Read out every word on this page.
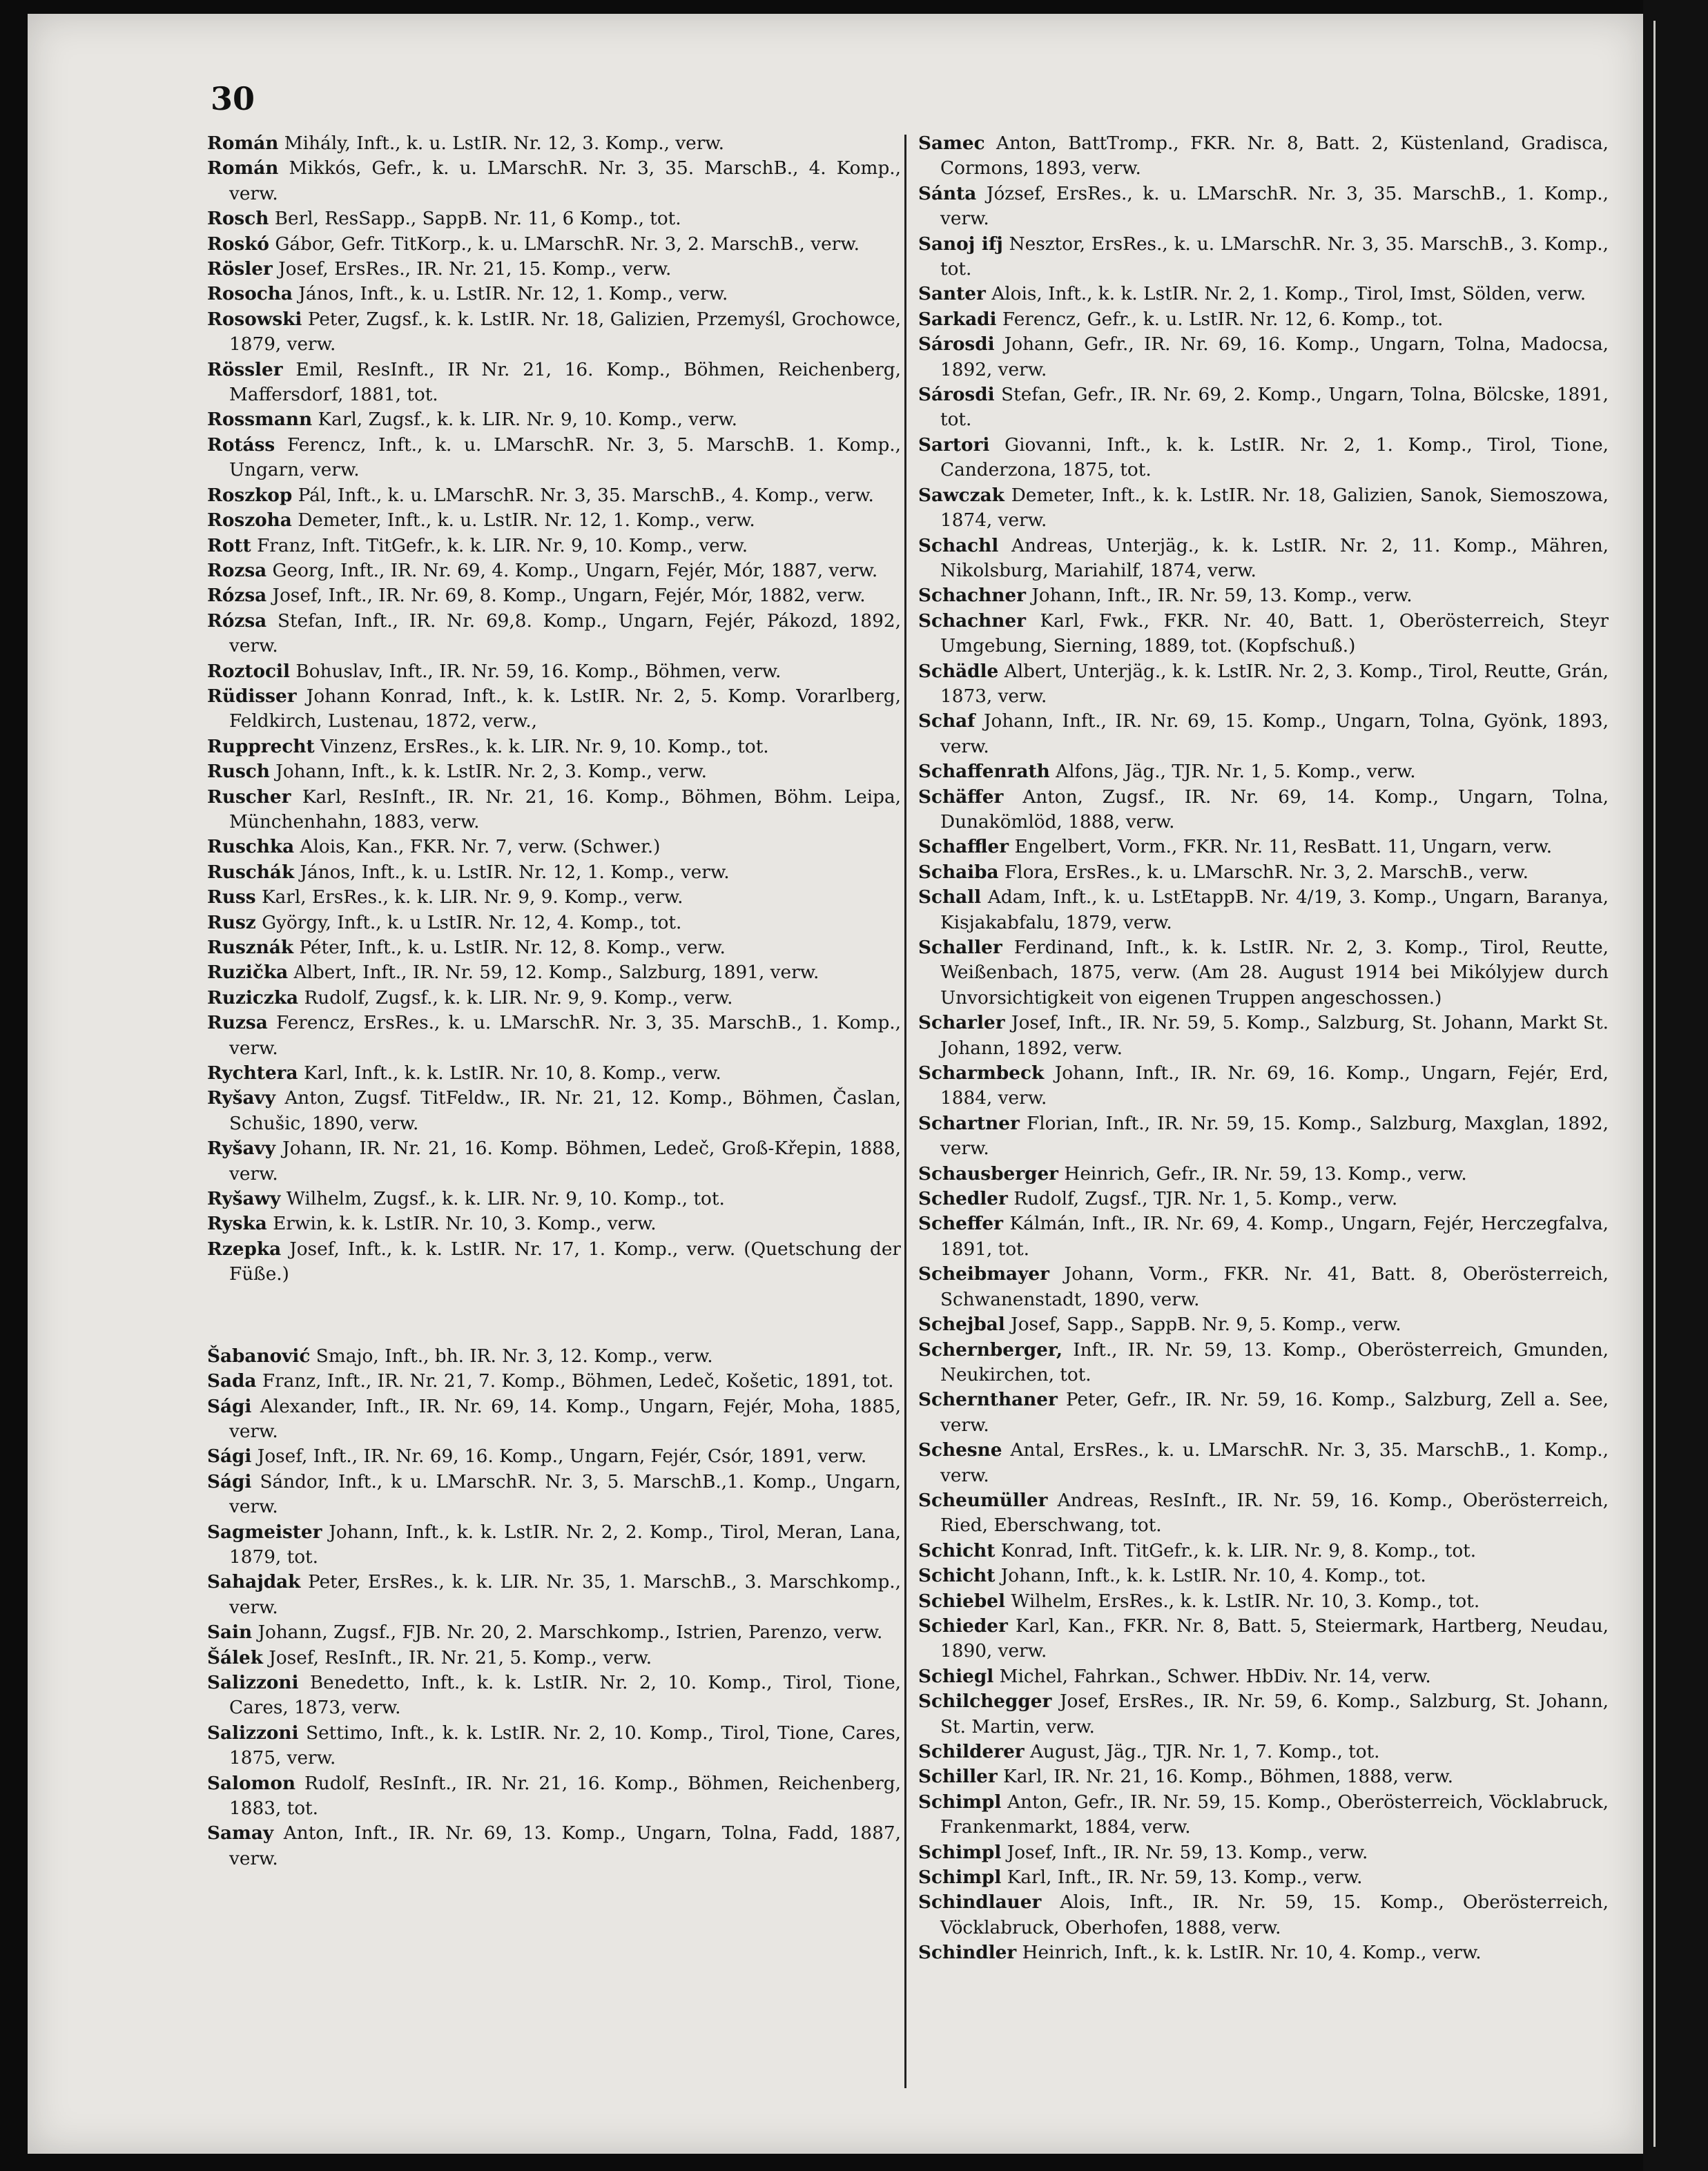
30

Román Mihály, Inft., k. u. LstIR. Nr. 12, 3. Komp., verw.

Román Mikkós, Gefr., k. u. LMarschR. Nr. 3, 35. MarschB., 4. Komp., verw.

Rosch Berl, ResSapp., SappB. Nr. 11, 6 Komp., tot.

Roskó Gábor, Gefr. TitKorp., k. u. LMarschR. Nr. 3, 2. MarschB., verw.

Rösler Josef, ErsRes., IR. Nr. 21, 15. Komp., verw.

Rosocha János, Inft., k. u. LstIR. Nr. 12, 1. Komp., verw.

Rosowski Peter, Zugsf., k. k. LstIR. Nr. 18, Galizien, Przemyśl, Grochowce, 1879, verw.

Rössler Emil, ResInft., IR Nr. 21, 16. Komp., Böhmen, Reichenberg, Maffersdorf, 1881, tot.

Rossmann Karl, Zugsf., k. k. LIR. Nr. 9, 10. Komp., verw.

Rotáss Ferencz, Inft., k. u. LMarschR. Nr. 3, 5. MarschB. 1. Komp., Ungarn, verw.

Roszkop Pál, Inft., k. u. LMarschR. Nr. 3, 35. MarschB., 4. Komp., verw.

Roszoha Demeter, Inft., k. u. LstIR. Nr. 12, 1. Komp., verw.

Rott Franz, Inft. TitGefr., k. k. LIR. Nr. 9, 10. Komp., verw.

Rozsa Georg, Inft., IR. Nr. 69, 4. Komp., Ungarn, Fejér, Mór, 1887, verw.

Rózsa Josef, Inft., IR. Nr. 69, 8. Komp., Ungarn, Fejér, Mór, 1882, verw.

Rózsa Stefan, Inft., IR. Nr. 69,8. Komp., Ungarn, Fejér, Pákozd, 1892, verw.

Roztocil Bohuslav, Inft., IR. Nr. 59, 16. Komp., Böhmen, verw.

Rüdisser Johann Konrad, Inft., k. k. LstIR. Nr. 2, 5. Komp. Vorarlberg, Feldkirch, Lustenau, 1872, verw.,

Rupprecht Vinzenz, ErsRes., k. k. LIR. Nr. 9, 10. Komp., tot.

Rusch Johann, Inft., k. k. LstIR. Nr. 2, 3. Komp., verw.

Ruscher Karl, ResInft., IR. Nr. 21, 16. Komp., Böhmen, Böhm. Leipa, Münchenhahn, 1883, verw.

Ruschka Alois, Kan., FKR. Nr. 7, verw. (Schwer.)

Ruschák János, Inft., k. u. LstIR. Nr. 12, 1. Komp., verw.

Russ Karl, ErsRes., k. k. LIR. Nr. 9, 9. Komp., verw.

Rusz György, Inft., k. u LstIR. Nr. 12, 4. Komp., tot.

Rusznák Péter, Inft., k. u. LstIR. Nr. 12, 8. Komp., verw.

Ruzička Albert, Inft., IR. Nr. 59, 12. Komp., Salzburg, 1891, verw.

Ruziczka Rudolf, Zugsf., k. k. LIR. Nr. 9, 9. Komp., verw.

Ruzsa Ferencz, ErsRes., k. u. LMarschR. Nr. 3, 35. MarschB., 1. Komp., verw.

Rychtera Karl, Inft., k. k. LstIR. Nr. 10, 8. Komp., verw.

Ryšavy Anton, Zugsf. TitFeldw., IR. Nr. 21, 12. Komp., Böhmen, Časlan, Schušic, 1890, verw.

Ryšavy Johann, IR. Nr. 21, 16. Komp. Böhmen, Ledeč, Groß-Křepin, 1888, verw.

Ryšawy Wilhelm, Zugsf., k. k. LIR. Nr. 9, 10. Komp., tot.

Ryska Erwin, k. k. LstIR. Nr. 10, 3. Komp., verw.

Rzepka Josef, Inft., k. k. LstIR. Nr. 17, 1. Komp., verw. (Quetschung der Füße.)

Šabanović Smajo, Inft., bh. IR. Nr. 3, 12. Komp., verw.

Sada Franz, Inft., IR. Nr. 21, 7. Komp., Böhmen, Ledeč, Košetic, 1891, tot.

Sági Alexander, Inft., IR. Nr. 69, 14. Komp., Ungarn, Fejér, Moha, 1885, verw.

Sági Josef, Inft., IR. Nr. 69, 16. Komp., Ungarn, Fejér, Csór, 1891, verw.

Sági Sándor, Inft., k u. LMarschR. Nr. 3, 5. MarschB.,1. Komp., Ungarn, verw.

Sagmeister Johann, Inft., k. k. LstIR. Nr. 2, 2. Komp., Tirol, Meran, Lana, 1879, tot.

Sahajdak Peter, ErsRes., k. k. LIR. Nr. 35, 1. MarschB., 3. Marschkomp., verw.

Sain Johann, Zugsf., FJB. Nr. 20, 2. Marschkomp., Istrien, Parenzo, verw.

Šálek Josef, ResInft., IR. Nr. 21, 5. Komp., verw.

Salizzoni Benedetto, Inft., k. k. LstIR. Nr. 2, 10. Komp., Tirol, Tione, Cares, 1873, verw.

Salizzoni Settimo, Inft., k. k. LstIR. Nr. 2, 10. Komp., Tirol, Tione, Cares, 1875, verw.

Salomon Rudolf, ResInft., IR. Nr. 21, 16. Komp., Böhmen, Reichenberg, 1883, tot.

Samay Anton, Inft., IR. Nr. 69, 13. Komp., Ungarn, Tolna, Fadd, 1887, verw.

Samec Anton, BattTromp., FKR. Nr. 8, Batt. 2, Küstenland, Gradisca, Cormons, 1893, verw.

Sánta József, ErsRes., k. u. LMarschR. Nr. 3, 35. MarschB., 1. Komp., verw.

Sanoj ifj Nesztor, ErsRes., k. u. LMarschR. Nr. 3, 35. MarschB., 3. Komp., tot.

Santer Alois, Inft., k. k. LstIR. Nr. 2, 1. Komp., Tirol, Imst, Sölden, verw.

Sarkadi Ferencz, Gefr., k. u. LstIR. Nr. 12, 6. Komp., tot.

Sárosdi Johann, Gefr., IR. Nr. 69, 16. Komp., Ungarn, Tolna, Madocsa, 1892, verw.

Sárosdi Stefan, Gefr., IR. Nr. 69, 2. Komp., Ungarn, Tolna, Bölcske, 1891, tot.

Sartori Giovanni, Inft., k. k. LstIR. Nr. 2, 1. Komp., Tirol, Tione, Canderzona, 1875, tot.

Sawczak Demeter, Inft., k. k. LstIR. Nr. 18, Galizien, Sanok, Siemoszowa, 1874, verw.

Schachl Andreas, Unterjäg., k. k. LstIR. Nr. 2, 11. Komp., Mähren, Nikolsburg, Mariahilf, 1874, verw.

Schachner Johann, Inft., IR. Nr. 59, 13. Komp., verw.

Schachner Karl, Fwk., FKR. Nr. 40, Batt. 1, Oberösterreich, Steyr Umgebung, Sierning, 1889, tot. (Kopfschuß.)

Schädle Albert, Unterjäg., k. k. LstIR. Nr. 2, 3. Komp., Tirol, Reutte, Grán, 1873, verw.

Schaf Johann, Inft., IR. Nr. 69, 15. Komp., Ungarn, Tolna, Gyönk, 1893, verw.

Schaffenrath Alfons, Jäg., TJR. Nr. 1, 5. Komp., verw.

Schäffer Anton, Zugsf., IR. Nr. 69, 14. Komp., Ungarn, Tolna, Dunakömlöd, 1888, verw.

Schaffler Engelbert, Vorm., FKR. Nr. 11, ResBatt. 11, Ungarn, verw.

Schaiba Flora, ErsRes., k. u. LMarschR. Nr. 3, 2. MarschB., verw.

Schall Adam, Inft., k. u. LstEtappB. Nr. 4/19, 3. Komp., Ungarn, Baranya, Kisjakabfalu, 1879, verw.

Schaller Ferdinand, Inft., k. k. LstIR. Nr. 2, 3. Komp., Tirol, Reutte, Weißenbach, 1875, verw. (Am 28. August 1914 bei Mikólyjew durch Unvorsichtigkeit von eigenen Truppen angeschossen.)

Scharler Josef, Inft., IR. Nr. 59, 5. Komp., Salzburg, St. Johann, Markt St. Johann, 1892, verw.

Scharmbeck Johann, Inft., IR. Nr. 69, 16. Komp., Ungarn, Fejér, Erd, 1884, verw.

Schartner Florian, Inft., IR. Nr. 59, 15. Komp., Salzburg, Maxglan, 1892, verw.

Schausberger Heinrich, Gefr., IR. Nr. 59, 13. Komp., verw.

Schedler Rudolf, Zugsf., TJR. Nr. 1, 5. Komp., verw.

Scheffer Kálmán, Inft., IR. Nr. 69, 4. Komp., Ungarn, Fejér, Herczegfalva, 1891, tot.

Scheibmayer Johann, Vorm., FKR. Nr. 41, Batt. 8, Oberösterreich, Schwanenstadt, 1890, verw.

Schejbal Josef, Sapp., SappB. Nr. 9, 5. Komp., verw.

Schernberger, Inft., IR. Nr. 59, 13. Komp., Oberösterreich, Gmunden, Neukirchen, tot.

Schernthaner Peter, Gefr., IR. Nr. 59, 16. Komp., Salzburg, Zell a. See, verw.

Schesne Antal, ErsRes., k. u. LMarschR. Nr. 3, 35. MarschB., 1. Komp., verw.

Scheumüller Andreas, ResInft., IR. Nr. 59, 16. Komp., Oberösterreich, Ried, Eberschwang, tot.

Schicht Konrad, Inft. TitGefr., k. k. LIR. Nr. 9, 8. Komp., tot.

Schicht Johann, Inft., k. k. LstIR. Nr. 10, 4. Komp., tot.

Schiebel Wilhelm, ErsRes., k. k. LstIR. Nr. 10, 3. Komp., tot.

Schieder Karl, Kan., FKR. Nr. 8, Batt. 5, Steiermark, Hartberg, Neudau, 1890, verw.

Schiegl Michel, Fahrkan., Schwer. HbDiv. Nr. 14, verw.

Schilchegger Josef, ErsRes., IR. Nr. 59, 6. Komp., Salzburg, St. Johann, St. Martin, verw.

Schilderer August, Jäg., TJR. Nr. 1, 7. Komp., tot.

Schiller Karl, IR. Nr. 21, 16. Komp., Böhmen, 1888, verw.

Schimpl Anton, Gefr., IR. Nr. 59, 15. Komp., Oberösterreich, Vöcklabruck, Frankenmarkt, 1884, verw.

Schimpl Josef, Inft., IR. Nr. 59, 13. Komp., verw.

Schimpl Karl, Inft., IR. Nr. 59, 13. Komp., verw.

Schindlauer Alois, Inft., IR. Nr. 59, 15. Komp., Oberösterreich, Vöcklabruck, Oberhofen, 1888, verw.

Schindler Heinrich, Inft., k. k. LstIR. Nr. 10, 4. Komp., verw.
